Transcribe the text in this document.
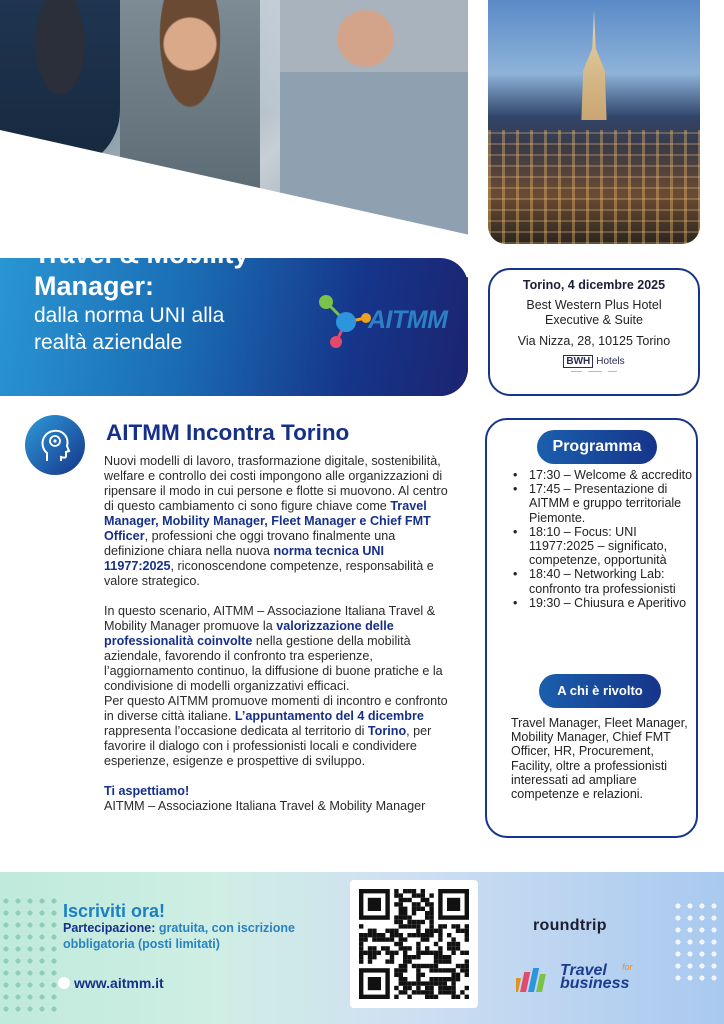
Travel & Mobility
Manager:
dalla norma UNI alla
realtà aziendale
AITMM
Torino, 4 dicembre 2025
Best Western Plus Hotel
Executive & Suite
Via Nizza, 28, 10125 Torino
BWH Hotels

AITMM Incontra Torino

Nuovi modelli di lavoro, trasformazione digitale, sostenibilità, welfare e controllo dei costi impongono alle organizzazioni di ripensare il modo in cui persone e flotte si muovono. Al centro di questo cambiamento ci sono figure chiave come Travel Manager, Mobility Manager, Fleet Manager e Chief FMT Officer, professioni che oggi trovano finalmente una definizione chiara nella nuova norma tecnica UNI 11977:2025, riconoscendone competenze, responsabilità e valore strategico.

In questo scenario, AITMM – Associazione Italiana Travel & Mobility Manager promuove la valorizzazione delle professionalità coinvolte nella gestione della mobilità aziendale, favorendo il confronto tra esperienze, l’aggiornamento continuo, la diffusione di buone pratiche e la condivisione di modelli organizzativi efficaci.

Per questo AITMM promuove momenti di incontro e confronto in diverse città italiane. L’appuntamento del 4 dicembre rappresenta l’occasione dedicata al territorio di Torino, per favorire il dialogo con i professionisti locali e condividere esperienze, esigenze e prospettive di sviluppo.

Ti aspettiamo!

AITMM – Associazione Italiana Travel & Mobility Manager

Programma
• 17:30 – Welcome & accredito
• 17:45 – Presentazione di AITMM e gruppo territoriale Piemonte.
• 18:10 – Focus: UNI 11977:2025 – significato, competenze, opportunità
• 18:40 – Networking Lab: confronto tra professionisti
• 19:30 – Chiusura e Aperitivo
A chi è rivolto
Travel Manager, Fleet Manager, Mobility Manager, Chief FMT Officer, HR, Procurement, Facility, oltre a professionisti interessati ad ampliare competenze e relazioni.
Iscriviti ora!
Partecipazione: gratuita, con iscrizione obbligatoria (posti limitati)
www.aitmm.it
roundtrip
Travel for
business
